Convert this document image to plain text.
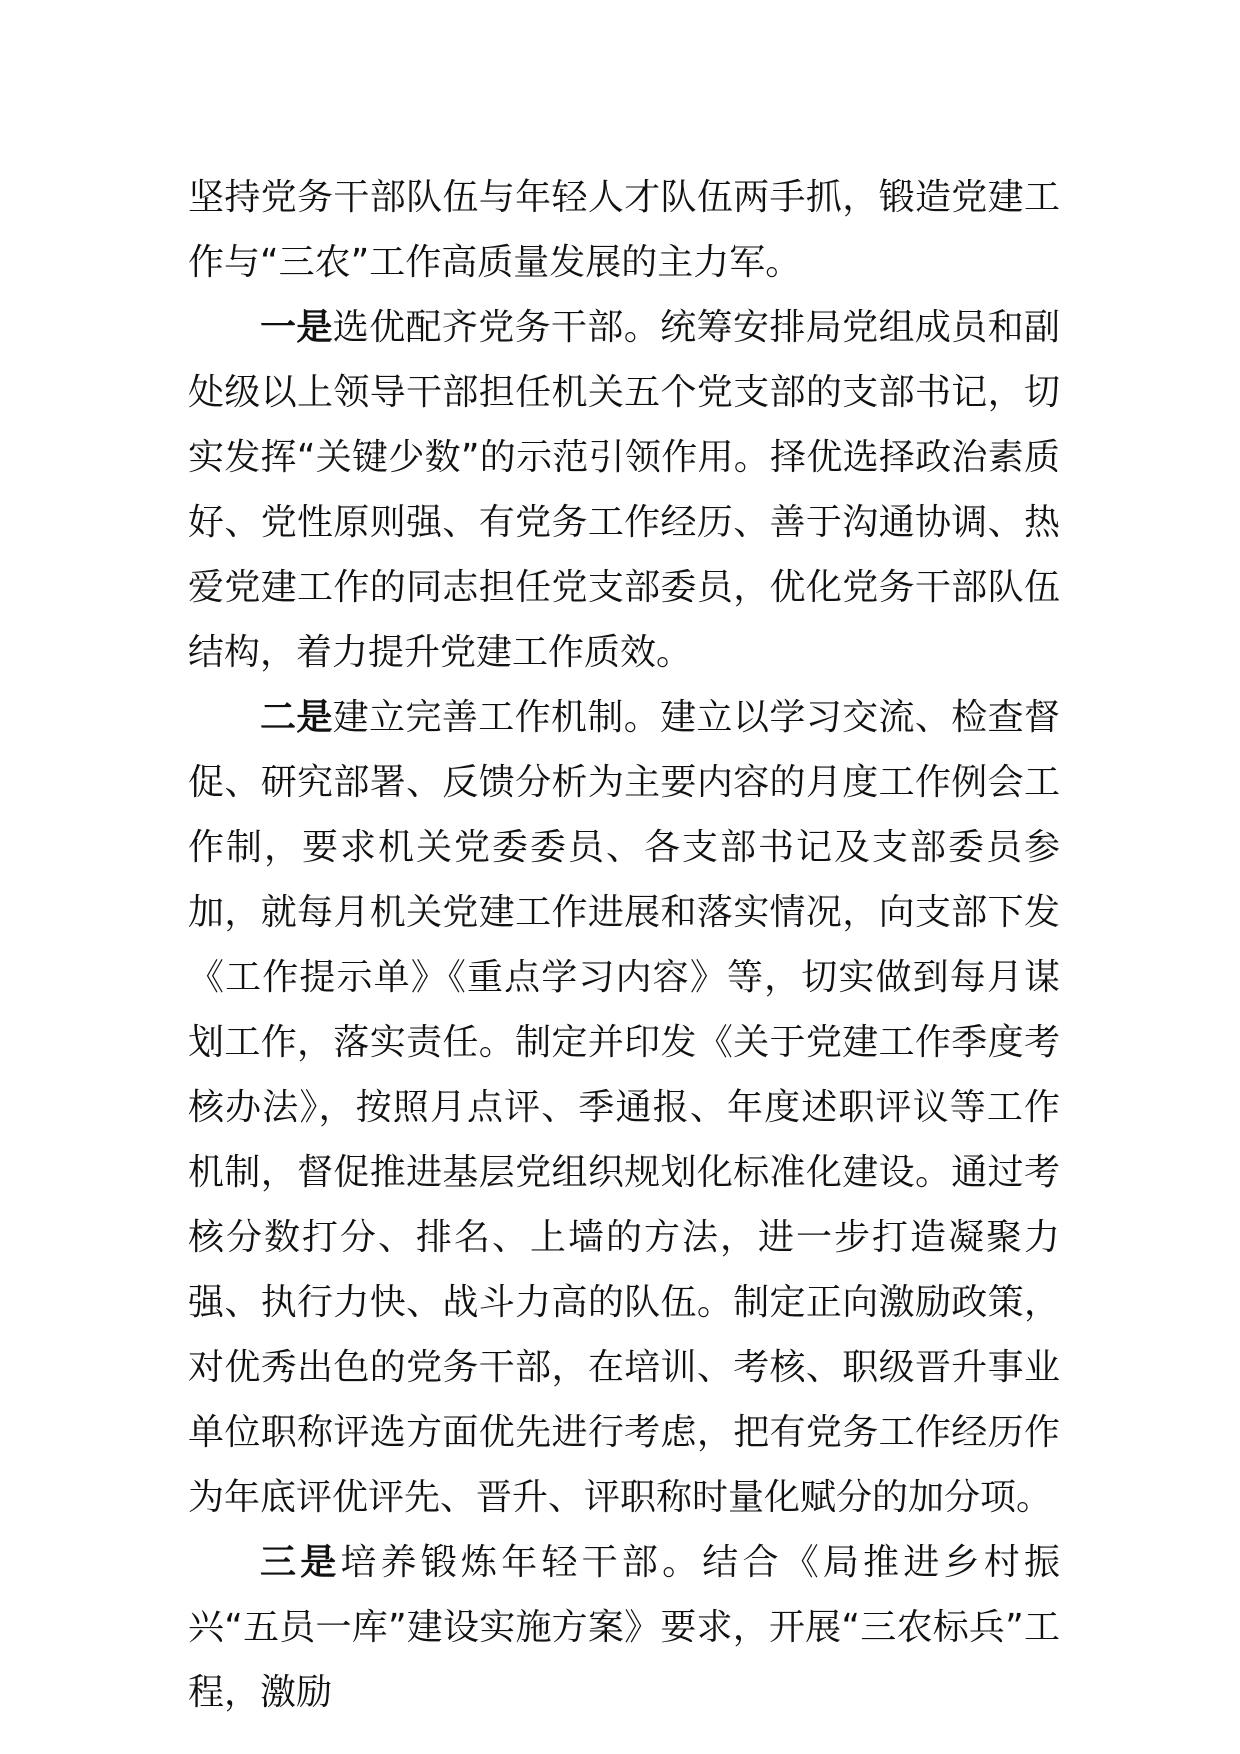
坚持党务干部队伍与年轻人才队伍两手抓，锻造党建工作与“三农”工作高质量发展的主力军。

一是选优配齐党务干部。统筹安排局党组成员和副处级以上领导干部担任机关五个党支部的支部书记，切实发挥“关键少数”的示范引领作用。择优选择政治素质好、党性原则强、有党务工作经历、善于沟通协调、热爱党建工作的同志担任党支部委员，优化党务干部队伍结构，着力提升党建工作质效。

二是建立完善工作机制。建立以学习交流、检查督促、研究部署、反馈分析为主要内容的月度工作例会工作制，要求机关党委委员、各支部书记及支部委员参加，就每月机关党建工作进展和落实情况，向支部下发《工作提示单》《重点学习内容》等，切实做到每月谋划工作，落实责任。制定并印发《关于党建工作季度考核办法》，按照月点评、季通报、年度述职评议等工作机制，督促推进基层党组织规划化标准化建设。通过考核分数打分、排名、上墙的方法，进一步打造凝聚力强、执行力快、战斗力高的队伍。制定正向激励政策，对优秀出色的党务干部，在培训、考核、职级晋升事业单位职称评选方面优先进行考虑，把有党务工作经历作为年底评优评先、晋升、评职称时量化赋分的加分项。

三是培养锻炼年轻干部。结合《局推进乡村振兴“五员一库”建设实施方案》要求，开展“三农标兵”工程，激励
